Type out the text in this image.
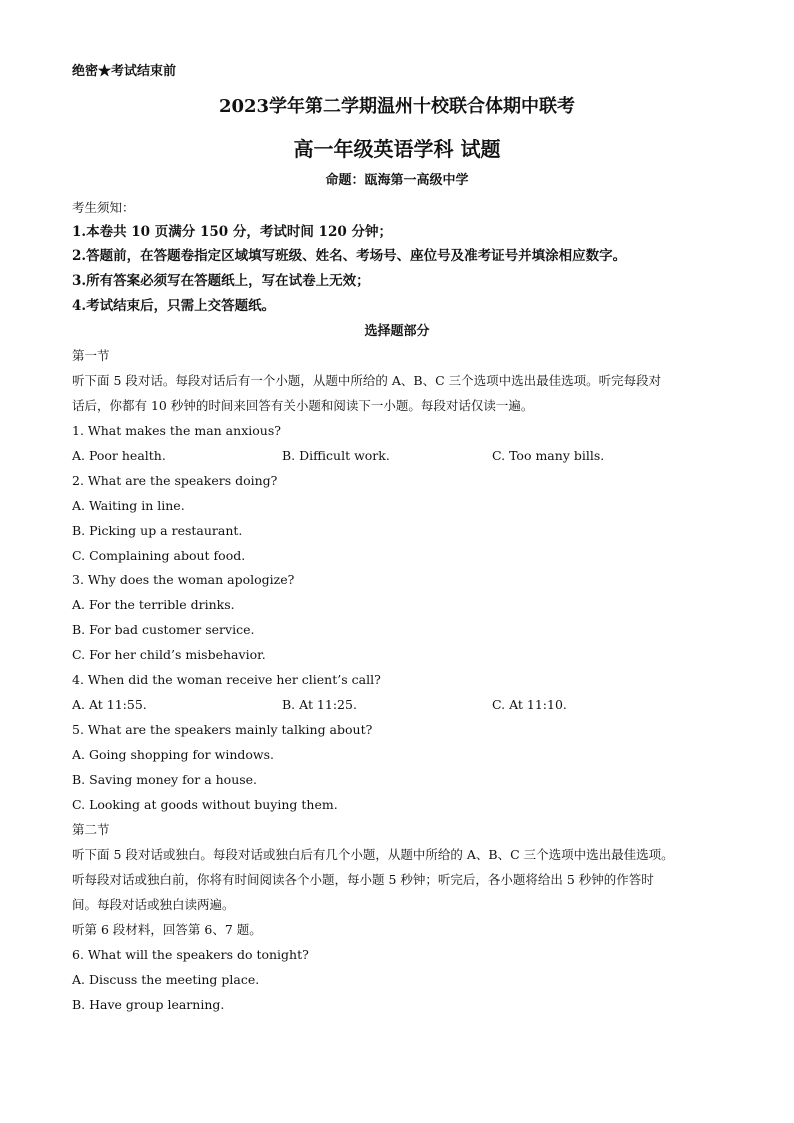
绝密★考试结束前
2023学年第二学期温州十校联合体期中联考
高一年级英语学科 试题
命题：瓯海第一高级中学
考生须知：
1.本卷共 10 页满分 150 分，考试时间 120 分钟；
2.答题前，在答题卷指定区域填写班级、姓名、考场号、座位号及准考证号并填涂相应数字。
3.所有答案必须写在答题纸上，写在试卷上无效；
4.考试结束后，只需上交答题纸。
选择题部分
第一节
听下面 5 段对话。每段对话后有一个小题，从题中所给的 A、B、C 三个选项中选出最佳选项。听完每段对
话后，你都有 10 秒钟的时间来回答有关小题和阅读下一小题。每段对话仅读一遍。
1. What makes the man anxious?
A. Poor health.	B. Difficult work.	C. Too many bills.
2. What are the speakers doing?
A. Waiting in line.
B. Picking up a restaurant.
C. Complaining about food.
3. Why does the woman apologize?
A. For the terrible drinks.
B. For bad customer service.
C. For her child’s misbehavior.
4. When did the woman receive her client’s call?
A. At 11:55.	B. At 11:25.	C. At 11:10.
5. What are the speakers mainly talking about?
A. Going shopping for windows.
B. Saving money for a house.
C. Looking at goods without buying them.
第二节
听下面 5 段对话或独白。每段对话或独白后有几个小题，从题中所给的 A、B、C 三个选项中选出最佳选项。
听每段对话或独白前，你将有时间阅读各个小题，每小题 5 秒钟；听完后，各小题将给出 5 秒钟的作答时
间。每段对话或独白读两遍。
听第 6 段材料，回答第 6、7 题。
6. What will the speakers do tonight?
A. Discuss the meeting place.
B. Have group learning.
